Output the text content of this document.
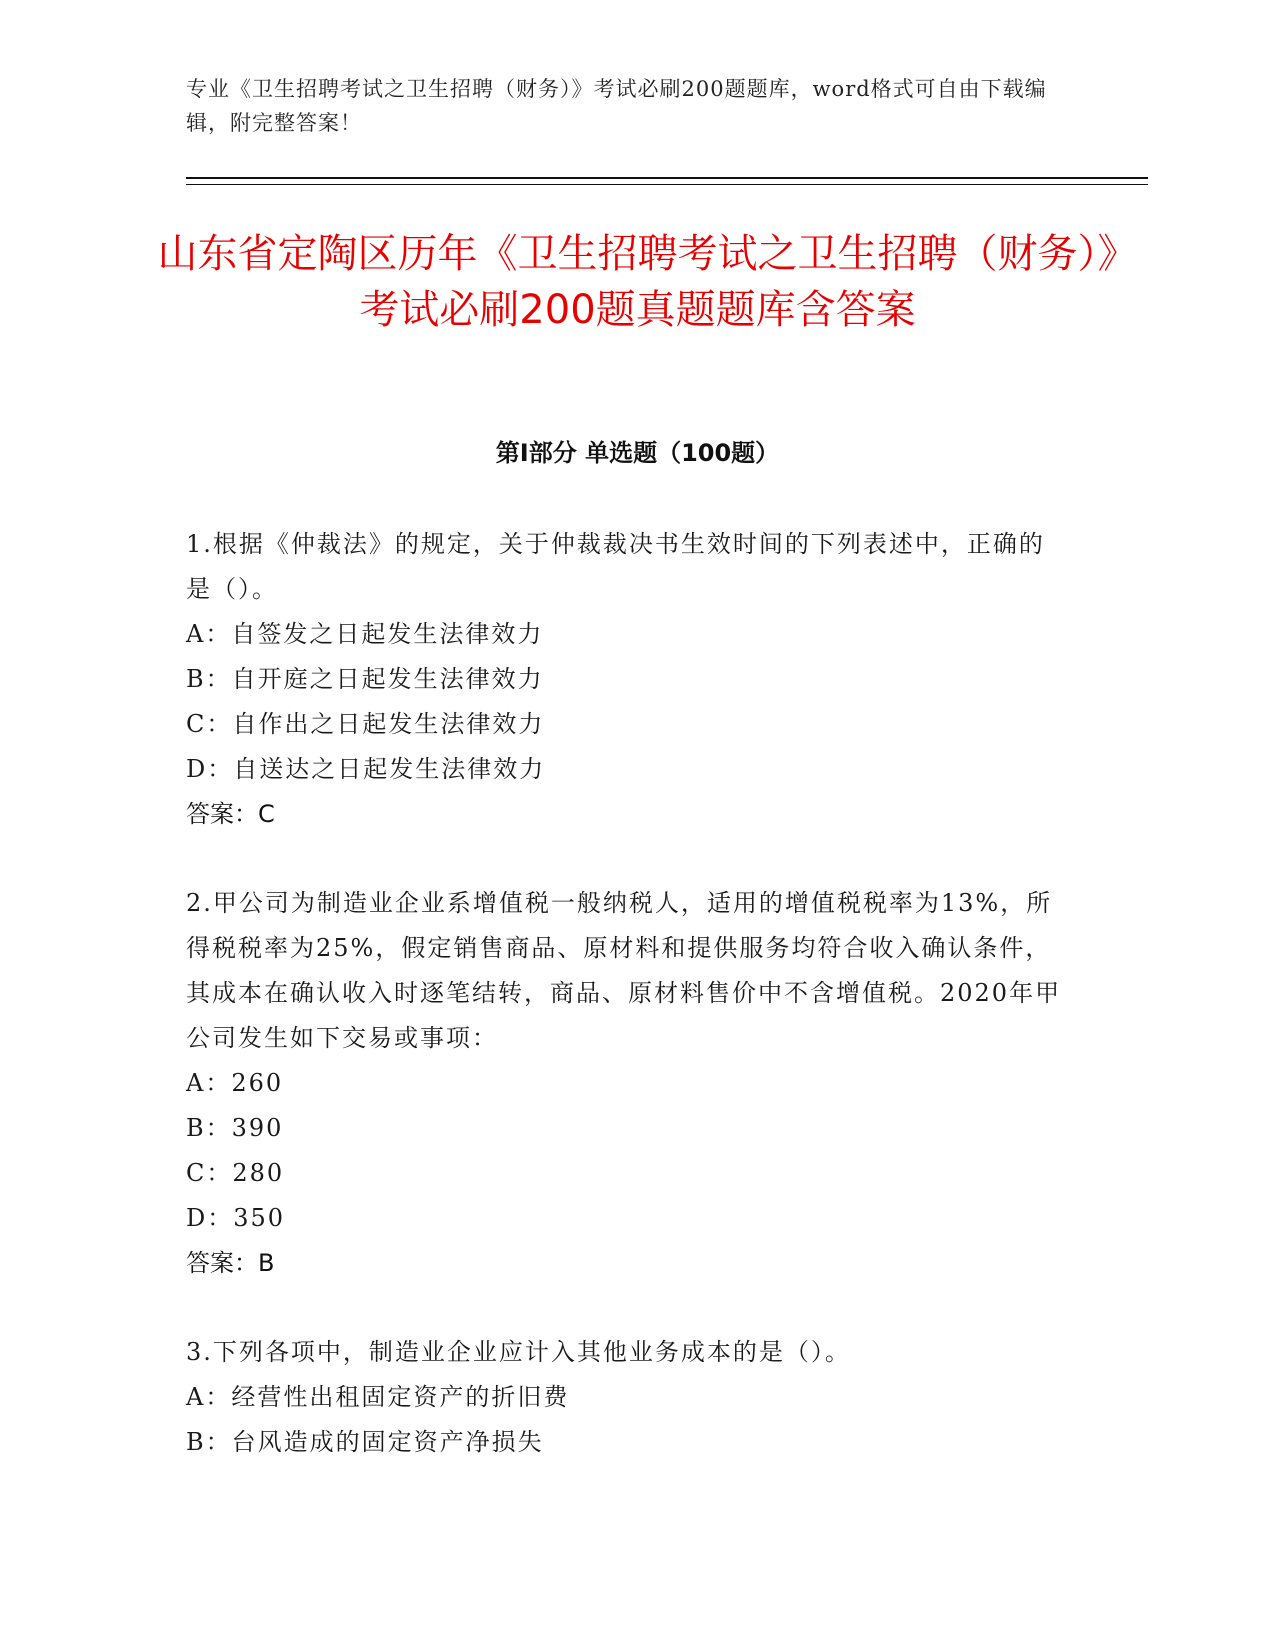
专业《卫生招聘考试之卫生招聘（财务）》考试必刷200题题库，word格式可自由下载编辑，附完整答案！
山东省定陶区历年《卫生招聘考试之卫生招聘（财务）》考试必刷200题真题题库含答案
第Ⅰ部分 单选题（100题）

1.根据《仲裁法》的规定，关于仲裁裁决书生效时间的下列表述中，正确的是（）。

A：自签发之日起发生法律效力

B：自开庭之日起发生法律效力

C：自作出之日起发生法律效力

D：自送达之日起发生法律效力

答案：C

2.甲公司为制造业企业系增值税一般纳税人，适用的增值税税率为13%，所得税税率为25%，假定销售商品、原材料和提供服务均符合收入确认条件，其成本在确认收入时逐笔结转，商品、原材料售价中不含增值税。2020年甲公司发生如下交易或事项：

A：260

B：390

C：280

D：350

答案：B

3.下列各项中，制造业企业应计入其他业务成本的是（）。

A：经营性出租固定资产的折旧费

B：台风造成的固定资产净损失
